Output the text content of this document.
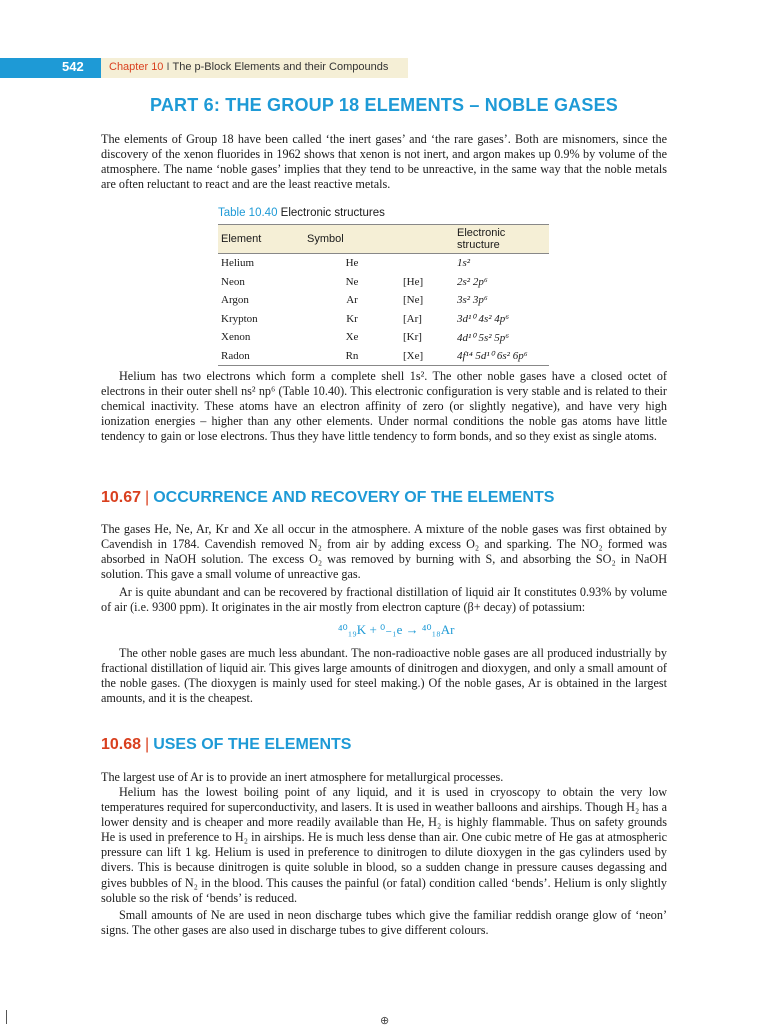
542 Chapter 10 I The p-Block Elements and their Compounds
PART 6: THE GROUP 18 ELEMENTS – NOBLE GASES

The elements of Group 18 have been called ‘the inert gases’ and ‘the rare gases’. Both are misnomers, since the discovery of the xenon fluorides in 1962 shows that xenon is not inert, and argon makes up 0.9% by volume of the atmosphere. The name ‘noble gases’ implies that they tend to be unreactive, in the same way that the noble metals are often reluctant to react and are the least reactive metals.

Table 10.40 Electronic structures
Element	Symbol		Electronic structure
Helium	He		1s²
Neon	Ne	[He]	2s² 2p⁶
Argon	Ar	[Ne]	3s² 3p⁶
Krypton	Kr	[Ar]	3d¹⁰ 4s² 4p⁶
Xenon	Xe	[Kr]	4d¹⁰ 5s² 5p⁶
Radon	Rn	[Xe]	4f¹⁴ 5d¹⁰ 6s² 6p⁶

Helium has two electrons which form a complete shell 1s². The other noble gases have a closed octet of electrons in their outer shell ns² np⁶ (Table 10.40). This electronic configuration is very stable and is related to their chemical inactivity. These atoms have an electron affinity of zero (or slightly negative), and have very high ionization energies – higher than any other elements. Under normal conditions the noble gas atoms have little tendency to gain or lose electrons. Thus they have little tendency to form bonds, and so they exist as single atoms.

10.67 | OCCURRENCE AND RECOVERY OF THE ELEMENTS

The gases He, Ne, Ar, Kr and Xe all occur in the atmosphere. A mixture of the noble gases was first obtained by Cavendish in 1784. Cavendish removed N₂ from air by adding excess O₂ and sparking. The NO₂ formed was absorbed in NaOH solution. The excess O₂ was removed by burning with S, and absorbing the SO₂ in NaOH solution. This gave a small volume of unreactive gas.

Ar is quite abundant and can be recovered by fractional distillation of liquid air It constitutes 0.93% by volume of air (i.e. 9300 ppm). It originates in the air mostly from electron capture (β+ decay) of potassium:

⁴⁰₁₉K + ⁰₋₁e → ⁴⁰₁₈Ar

The other noble gases are much less abundant. The non-radioactive noble gases are all produced industrially by fractional distillation of liquid air. This gives large amounts of dinitrogen and dioxygen, and only a small amount of the noble gases. (The dioxygen is mainly used for steel making.) Of the noble gases, Ar is obtained in the largest amounts, and it is the cheapest.

10.68 | USES OF THE ELEMENTS

The largest use of Ar is to provide an inert atmosphere for metallurgical processes.

Helium has the lowest boiling point of any liquid, and it is used in cryoscopy to obtain the very low temperatures required for superconductivity, and lasers. It is used in weather balloons and airships. Though H₂ has a lower density and is cheaper and more readily available than He, H₂ is highly flammable. Thus on safety grounds He is used in preference to H₂ in airships. He is much less dense than air. One cubic metre of He gas at atmospheric pressure can lift 1 kg. Helium is used in preference to dinitrogen to dilute dioxygen in the gas cylinders used by divers. This is because dinitrogen is quite soluble in blood, so a sudden change in pressure causes degassing and gives bubbles of N₂ in the blood. This causes the painful (or fatal) condition called ‘bends’. Helium is only slightly soluble so the risk of ‘bends’ is reduced.

Small amounts of Ne are used in neon discharge tubes which give the familiar reddish orange glow of ‘neon’ signs. The other gases are also used in discharge tubes to give different colours.

⊕
